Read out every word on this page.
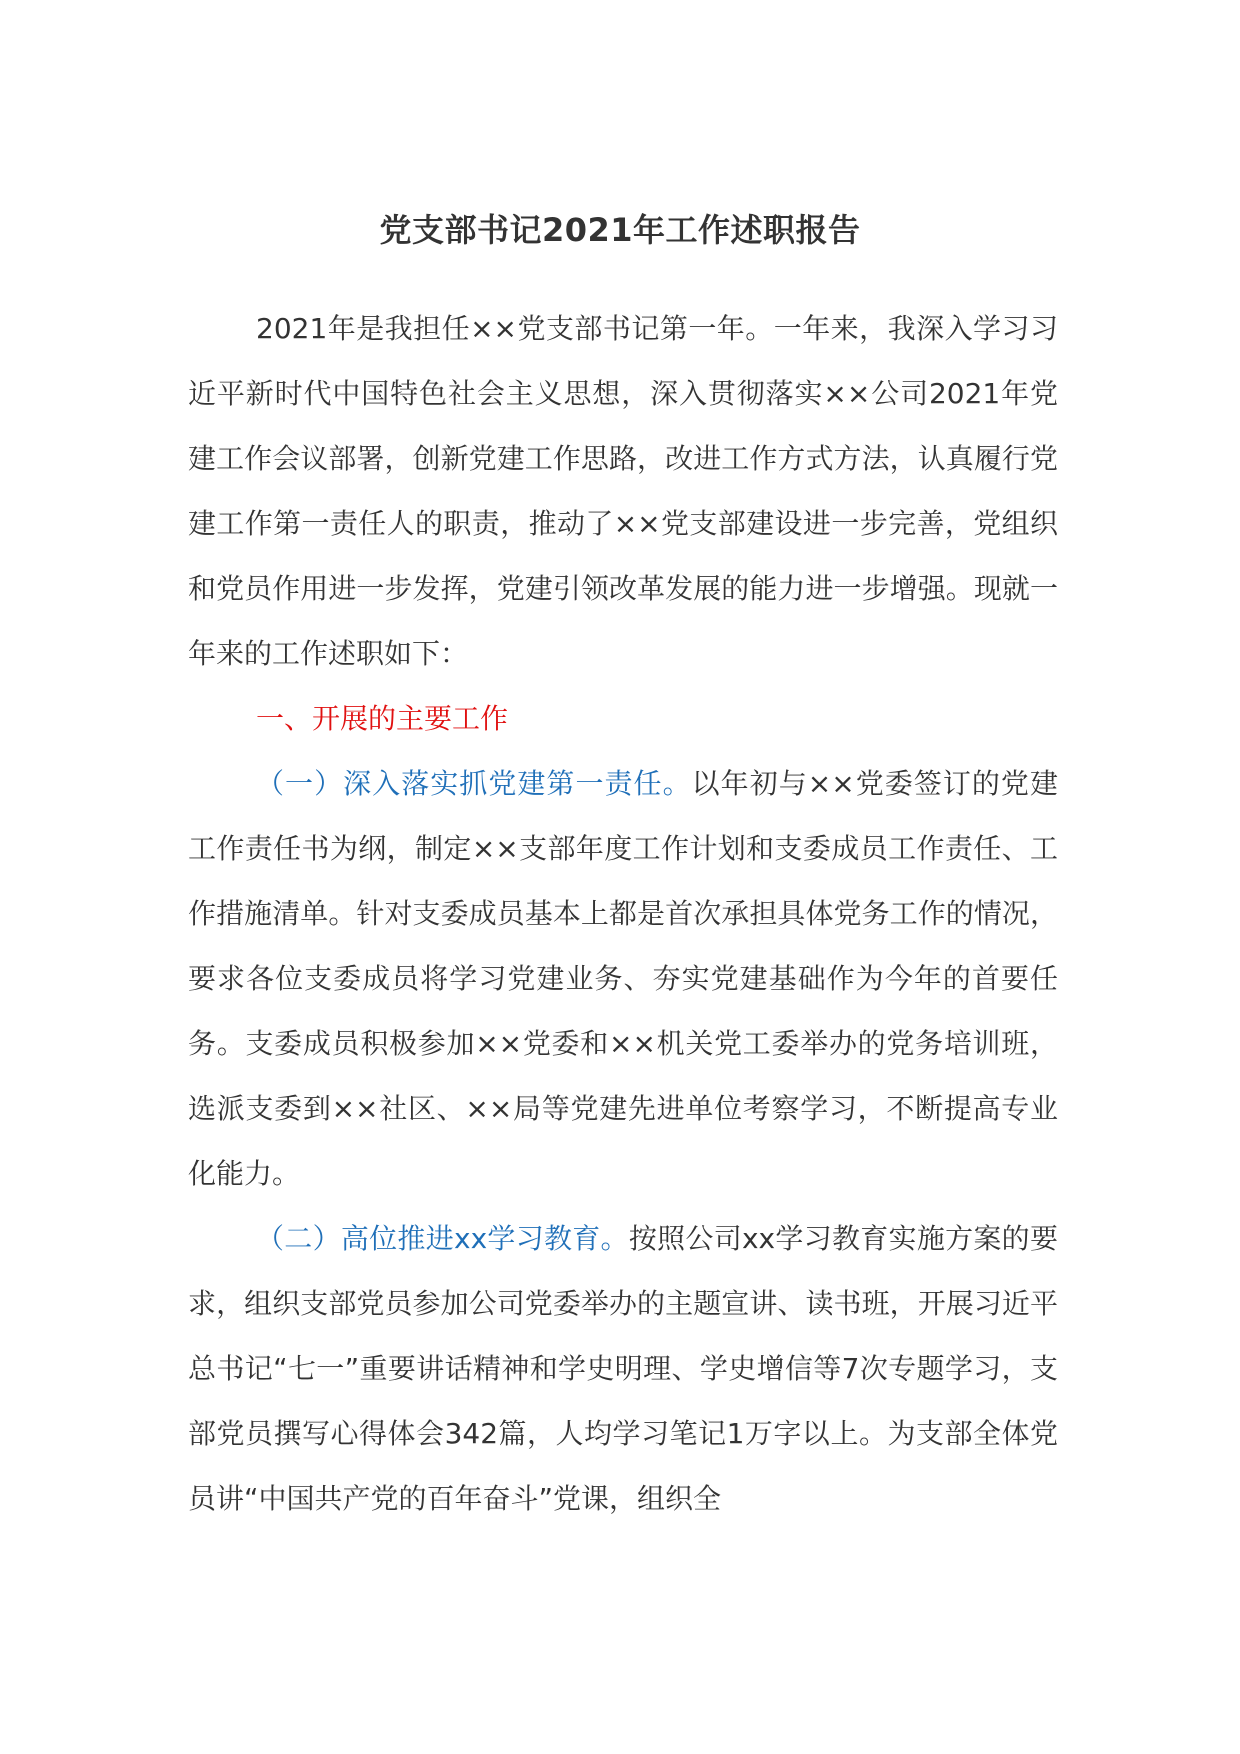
党支部书记2021年工作述职报告

2021年是我担任××党支部书记第一年。一年来，我深入学习习近平新时代中国特色社会主义思想，深入贯彻落实××公司2021年党建工作会议部署，创新党建工作思路，改进工作方式方法，认真履行党建工作第一责任人的职责，推动了××党支部建设进一步完善，党组织和党员作用进一步发挥，党建引领改革发展的能力进一步增强。现就一年来的工作述职如下：

一、开展的主要工作

（一）深入落实抓党建第一责任。以年初与××党委签订的党建工作责任书为纲，制定××支部年度工作计划和支委成员工作责任、工作措施清单。针对支委成员基本上都是首次承担具体党务工作的情况，要求各位支委成员将学习党建业务、夯实党建基础作为今年的首要任务。支委成员积极参加××党委和××机关党工委举办的党务培训班，选派支委到××社区、××局等党建先进单位考察学习，不断提高专业化能力。

（二）高位推进xx学习教育。按照公司xx学习教育实施方案的要求，组织支部党员参加公司党委举办的主题宣讲、读书班，开展习近平总书记“七一”重要讲话精神和学史明理、学史增信等7次专题学习，支部党员撰写心得体会342篇，人均学习笔记1万字以上。为支部全体党员讲“中国共产党的百年奋斗”党课，组织全
